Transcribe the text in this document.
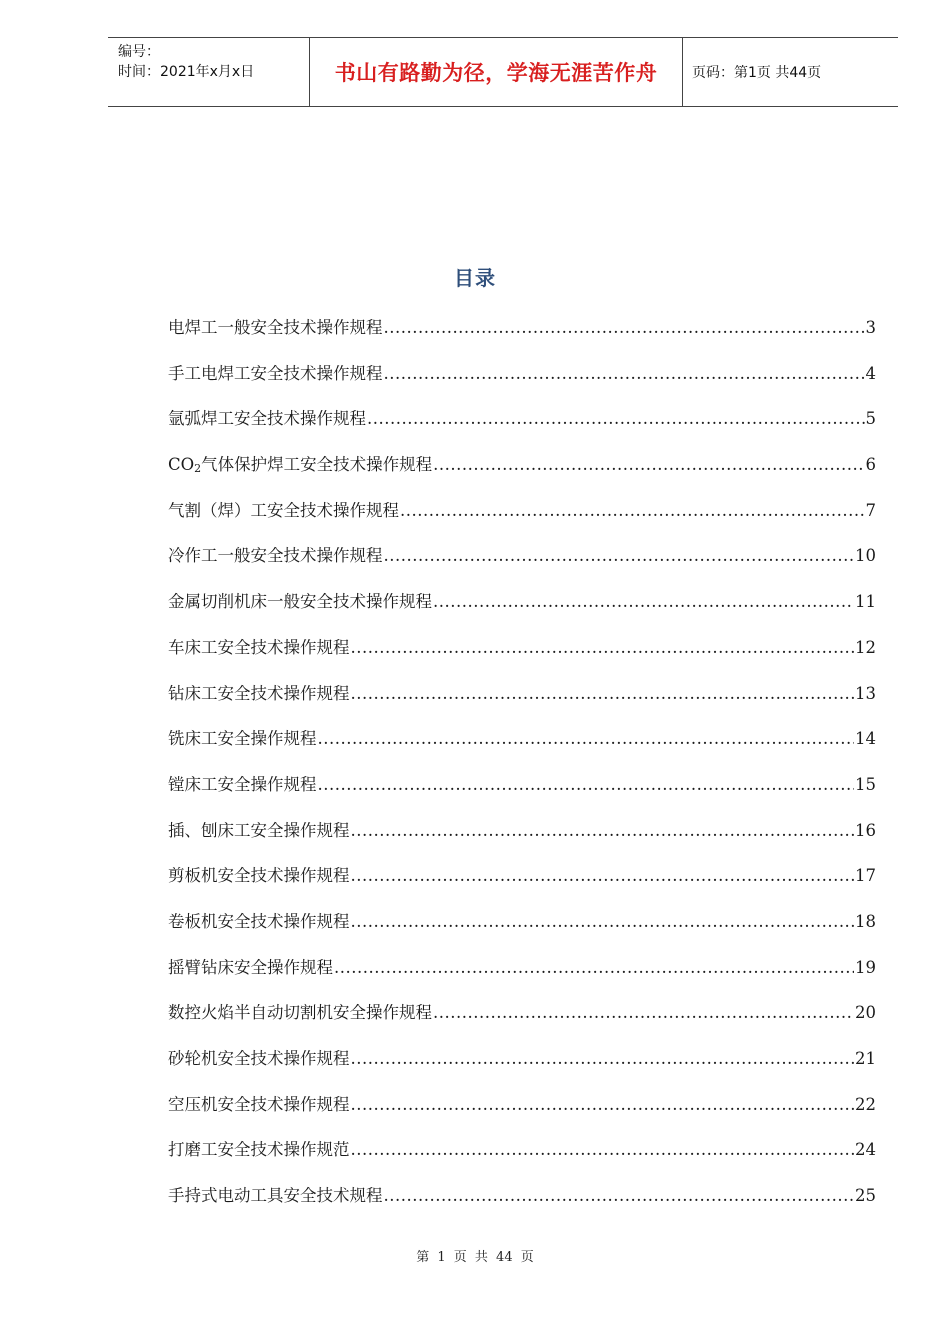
编号：
时间：2021年x月x日	书山有路勤为径，学海无涯苦作舟	页码：第1页 共44页
目录
电焊工一般安全技术操作规程 .....	3
手工电焊工安全技术操作规程 .....	4
氩弧焊工安全技术操作规程 .....	5
CO2气体保护焊工安全技术操作规程 .....	6
气割（焊）工安全技术操作规程 .....	7
冷作工一般安全技术操作规程 .....	10
金属切削机床一般安全技术操作规程 .....	11
车床工安全技术操作规程 .....	12
钻床工安全技术操作规程 .....	13
铣床工安全操作规程 .....	14
镗床工安全操作规程 .....	15
插、刨床工安全操作规程 .....	16
剪板机安全技术操作规程 .....	17
卷板机安全技术操作规程 .....	18
摇臂钻床安全操作规程 .....	19
数控火焰半自动切割机安全操作规程 .....	20
砂轮机安全技术操作规程 .....	21
空压机安全技术操作规程 .....	22
打磨工安全技术操作规范 .....	24
手持式电动工具安全技术规程 .....	25
第 1 页 共 44 页
